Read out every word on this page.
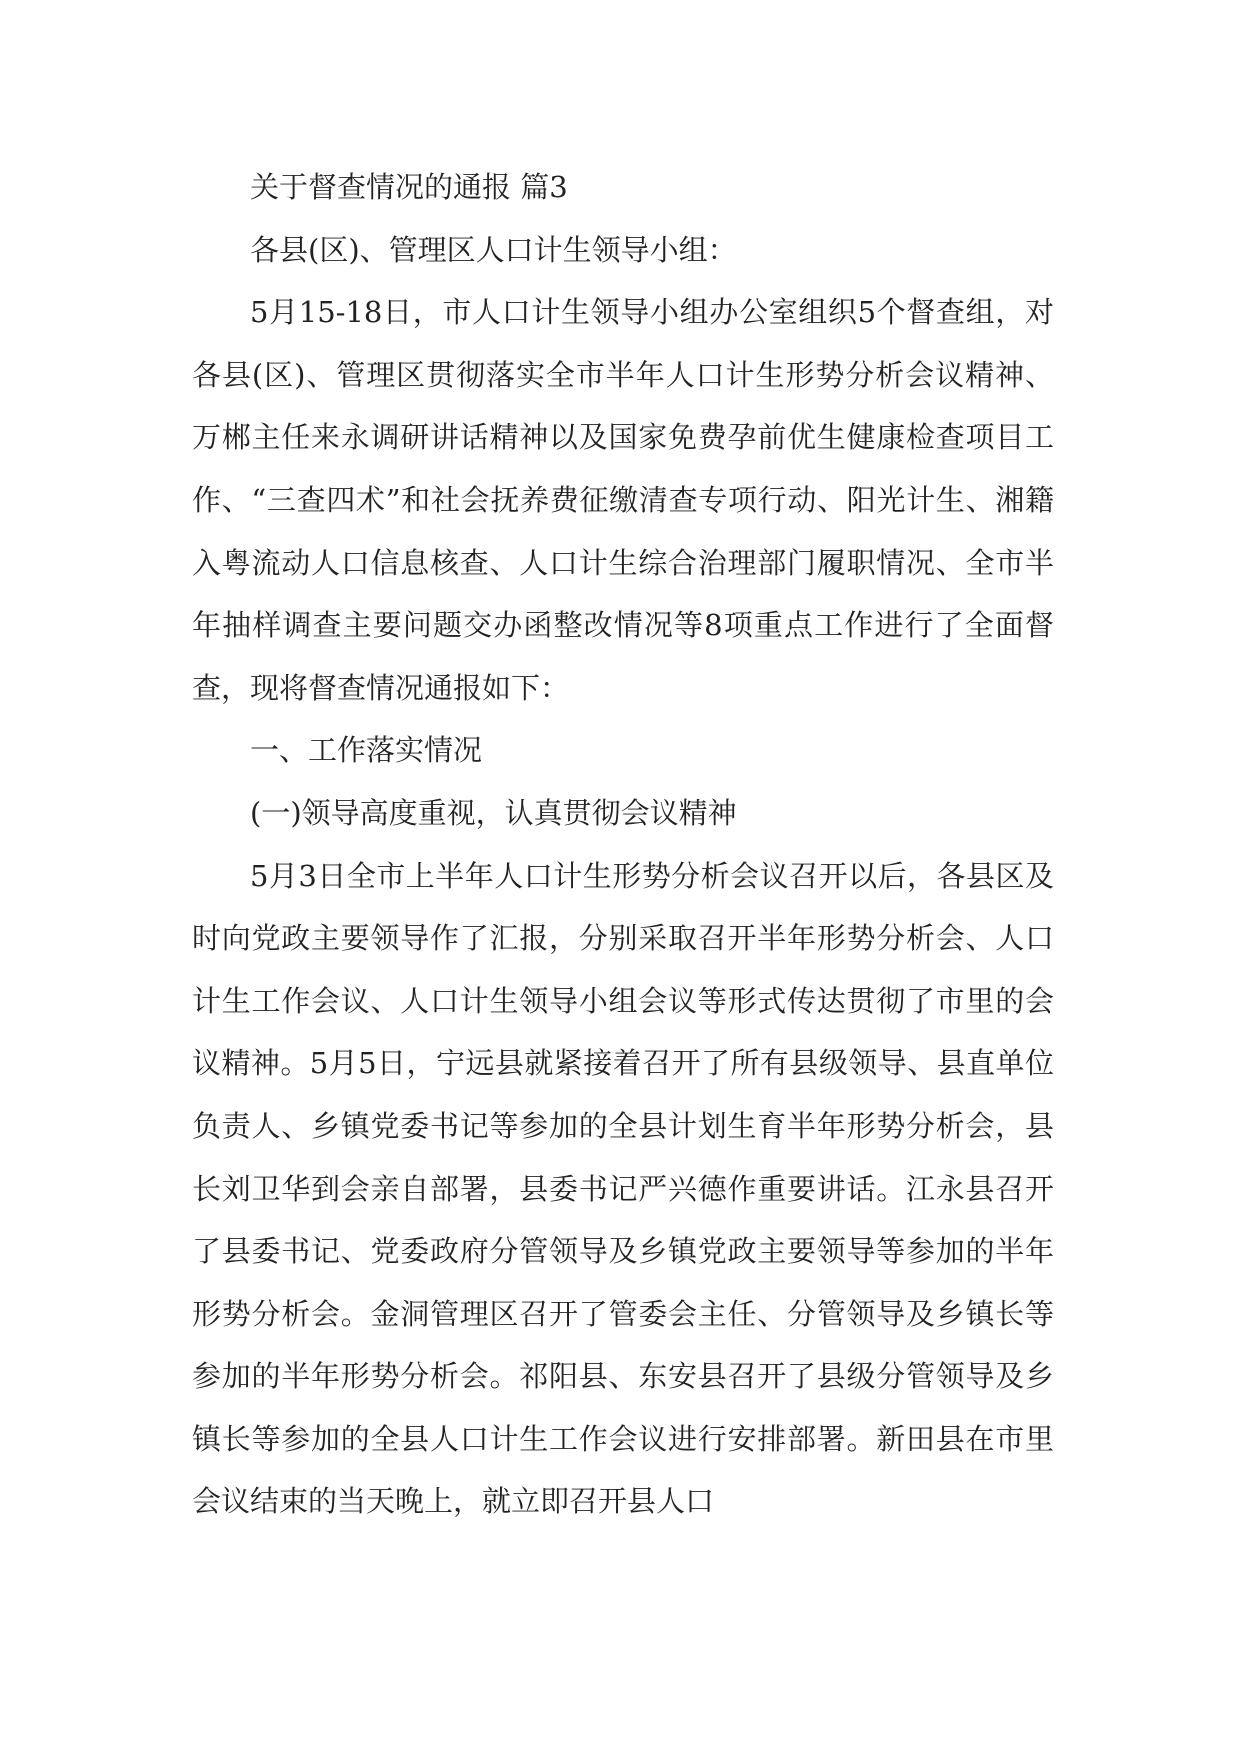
关于督查情况的通报 篇3

各县(区)、管理区人口计生领导小组：

5月15-18日，市人口计生领导小组办公室组织5个督查组，对各县(区)、管理区贯彻落实全市半年人口计生形势分析会议精神、万郴主任来永调研讲话精神以及国家免费孕前优生健康检查项目工作、“三查四术”和社会抚养费征缴清查专项行动、阳光计生、湘籍入粤流动人口信息核查、人口计生综合治理部门履职情况、全市半年抽样调查主要问题交办函整改情况等8项重点工作进行了全面督查，现将督查情况通报如下：

一、工作落实情况

(一)领导高度重视，认真贯彻会议精神

5月3日全市上半年人口计生形势分析会议召开以后，各县区及时向党政主要领导作了汇报，分别采取召开半年形势分析会、人口计生工作会议、人口计生领导小组会议等形式传达贯彻了市里的会议精神。5月5日，宁远县就紧接着召开了所有县级领导、县直单位负责人、乡镇党委书记等参加的全县计划生育半年形势分析会，县长刘卫华到会亲自部署，县委书记严兴德作重要讲话。江永县召开了县委书记、党委政府分管领导及乡镇党政主要领导等参加的半年形势分析会。金洞管理区召开了管委会主任、分管领导及乡镇长等参加的半年形势分析会。祁阳县、东安县召开了县级分管领导及乡镇长等参加的全县人口计生工作会议进行安排部署。新田县在市里会议结束的当天晚上，就立即召开县人口
